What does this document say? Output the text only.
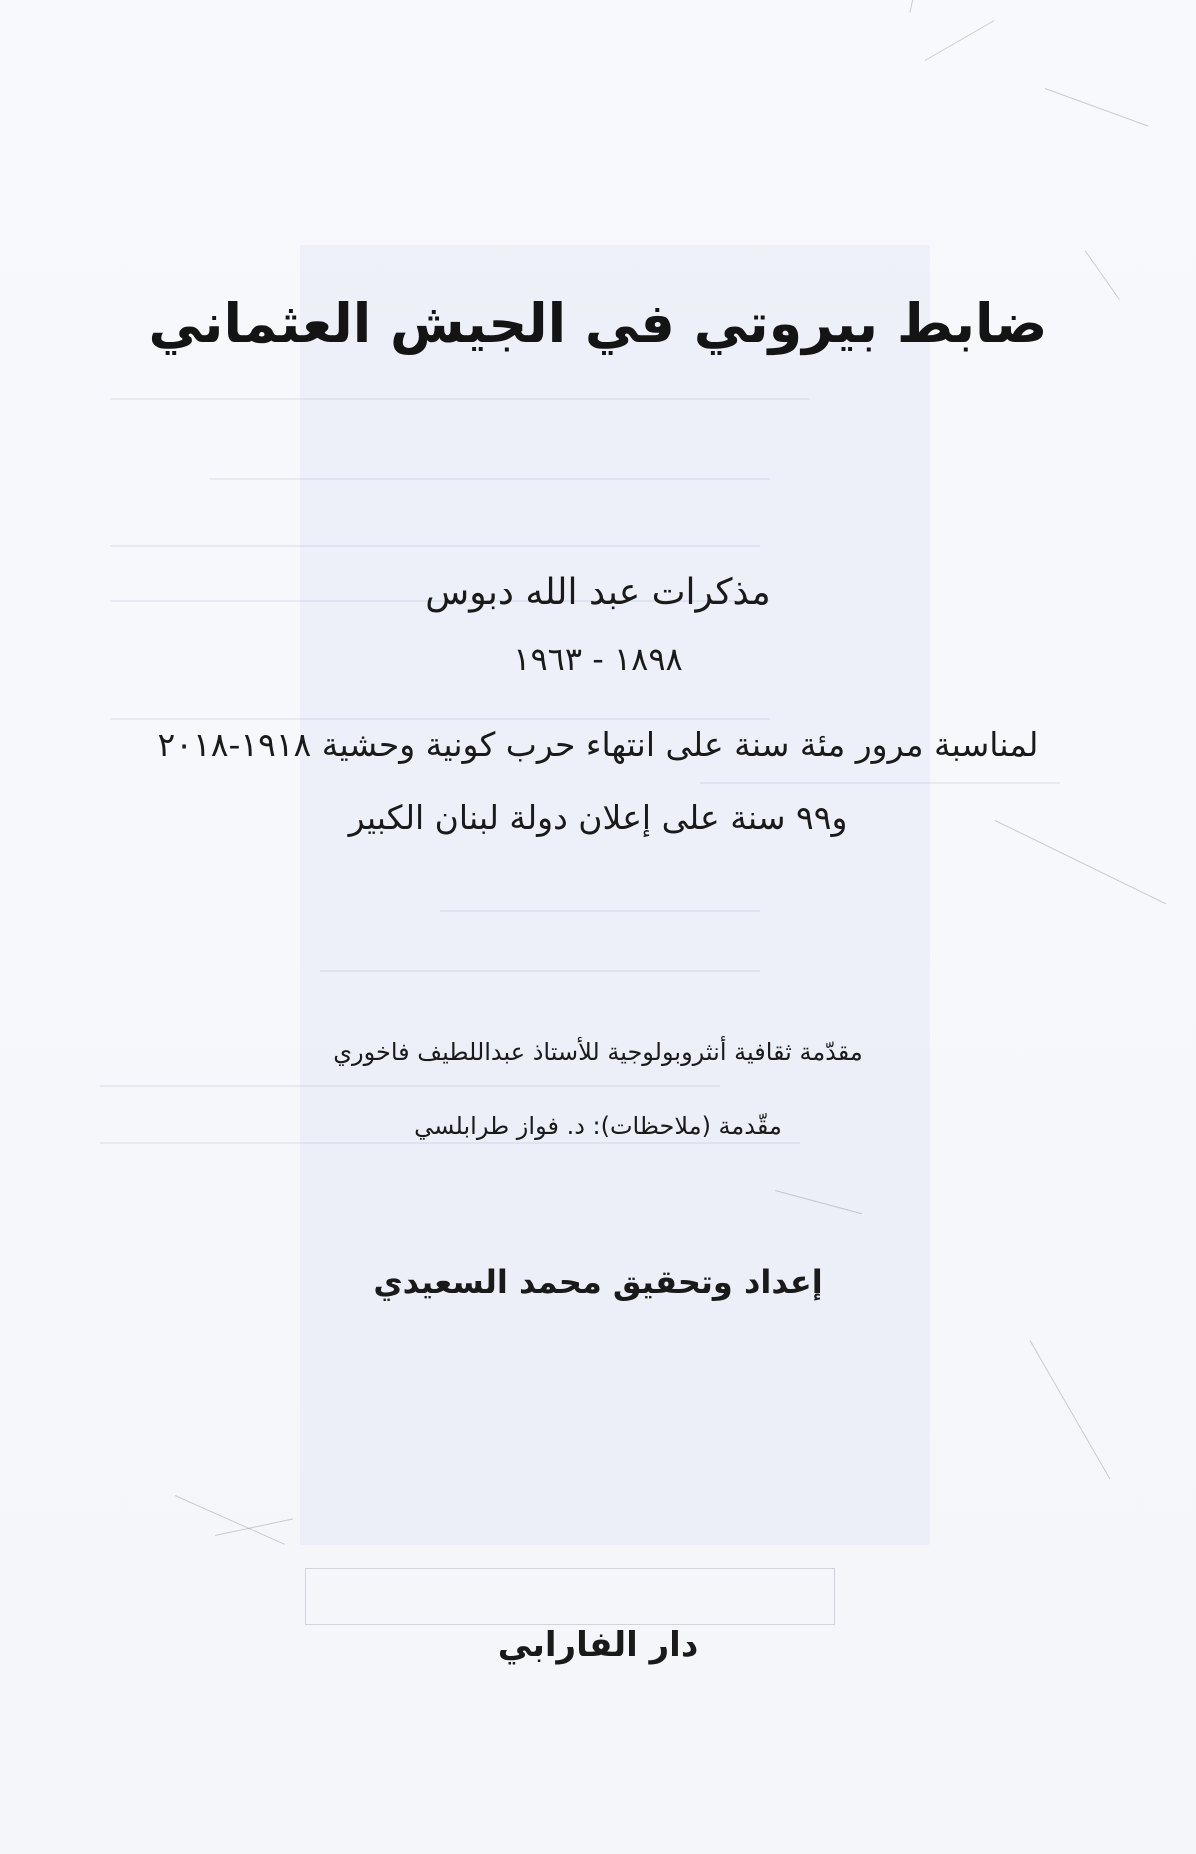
ضابط بيروتي في الجيش العثماني
مذكرات عبد الله دبوس
١٨٩٨ - ١٩٦٣
لمناسبة مرور مئة سنة على انتهاء حرب كونية وحشية ١٩١٨-٢٠١٨
و٩٩ سنة على إعلان دولة لبنان الكبير
مقدّمة ثقافية أنثروبولوجية للأستاذ عبداللطيف فاخوري
مقّدمة (ملاحظات): د. فواز طرابلسي
إعداد وتحقيق محمد السعيدي
دار الفارابي
